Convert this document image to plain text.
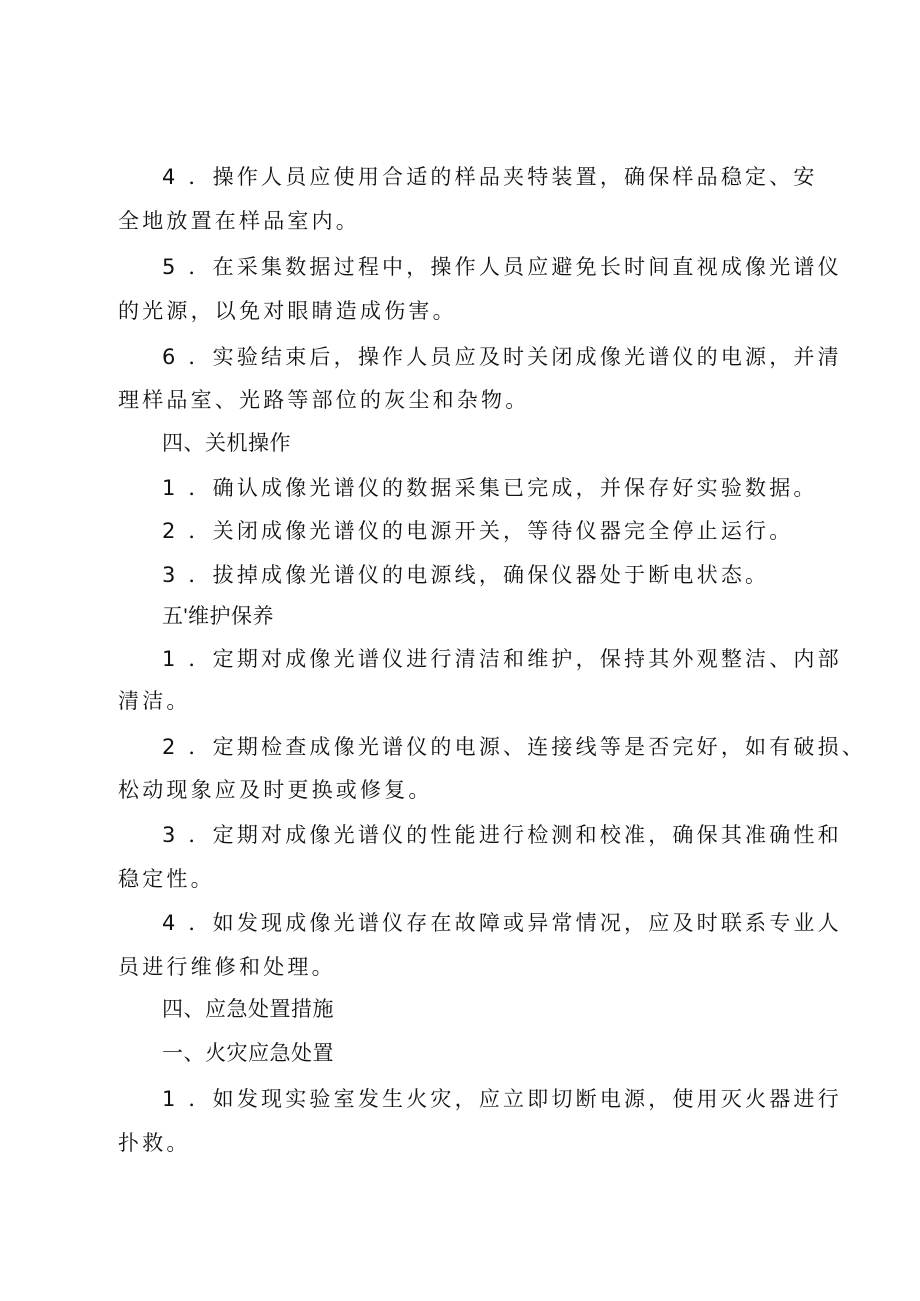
4 ．操作人员应使用合适的样品夹特装置，确保样品稳定、安
全地放置在样品室内。
5 ．在采集数据过程中，操作人员应避免长时间直视成像光谱仪
的光源，以免对眼睛造成伤害。
6 ．实验结束后，操作人员应及时关闭成像光谱仪的电源，并清
理样品室、光路等部位的灰尘和杂物。
四、关机操作
1 ．确认成像光谱仪的数据采集已完成，并保存好实验数据。
2 ．关闭成像光谱仪的电源开关，等待仪器完全停止运行。
3 ．拔掉成像光谱仪的电源线，确保仪器处于断电状态。
五'维护保养
1 ．定期对成像光谱仪进行清洁和维护，保持其外观整洁、内部
清洁。
2 ．定期检查成像光谱仪的电源、连接线等是否完好，如有破损、
松动现象应及时更换或修复。
3 ．定期对成像光谱仪的性能进行检测和校准，确保其准确性和
稳定性。
4 ．如发现成像光谱仪存在故障或异常情况，应及时联系专业人
员进行维修和处理。
四、应急处置措施
一、火灾应急处置
1 ．如发现实验室发生火灾，应立即切断电源，使用灭火器进行
扑救。
